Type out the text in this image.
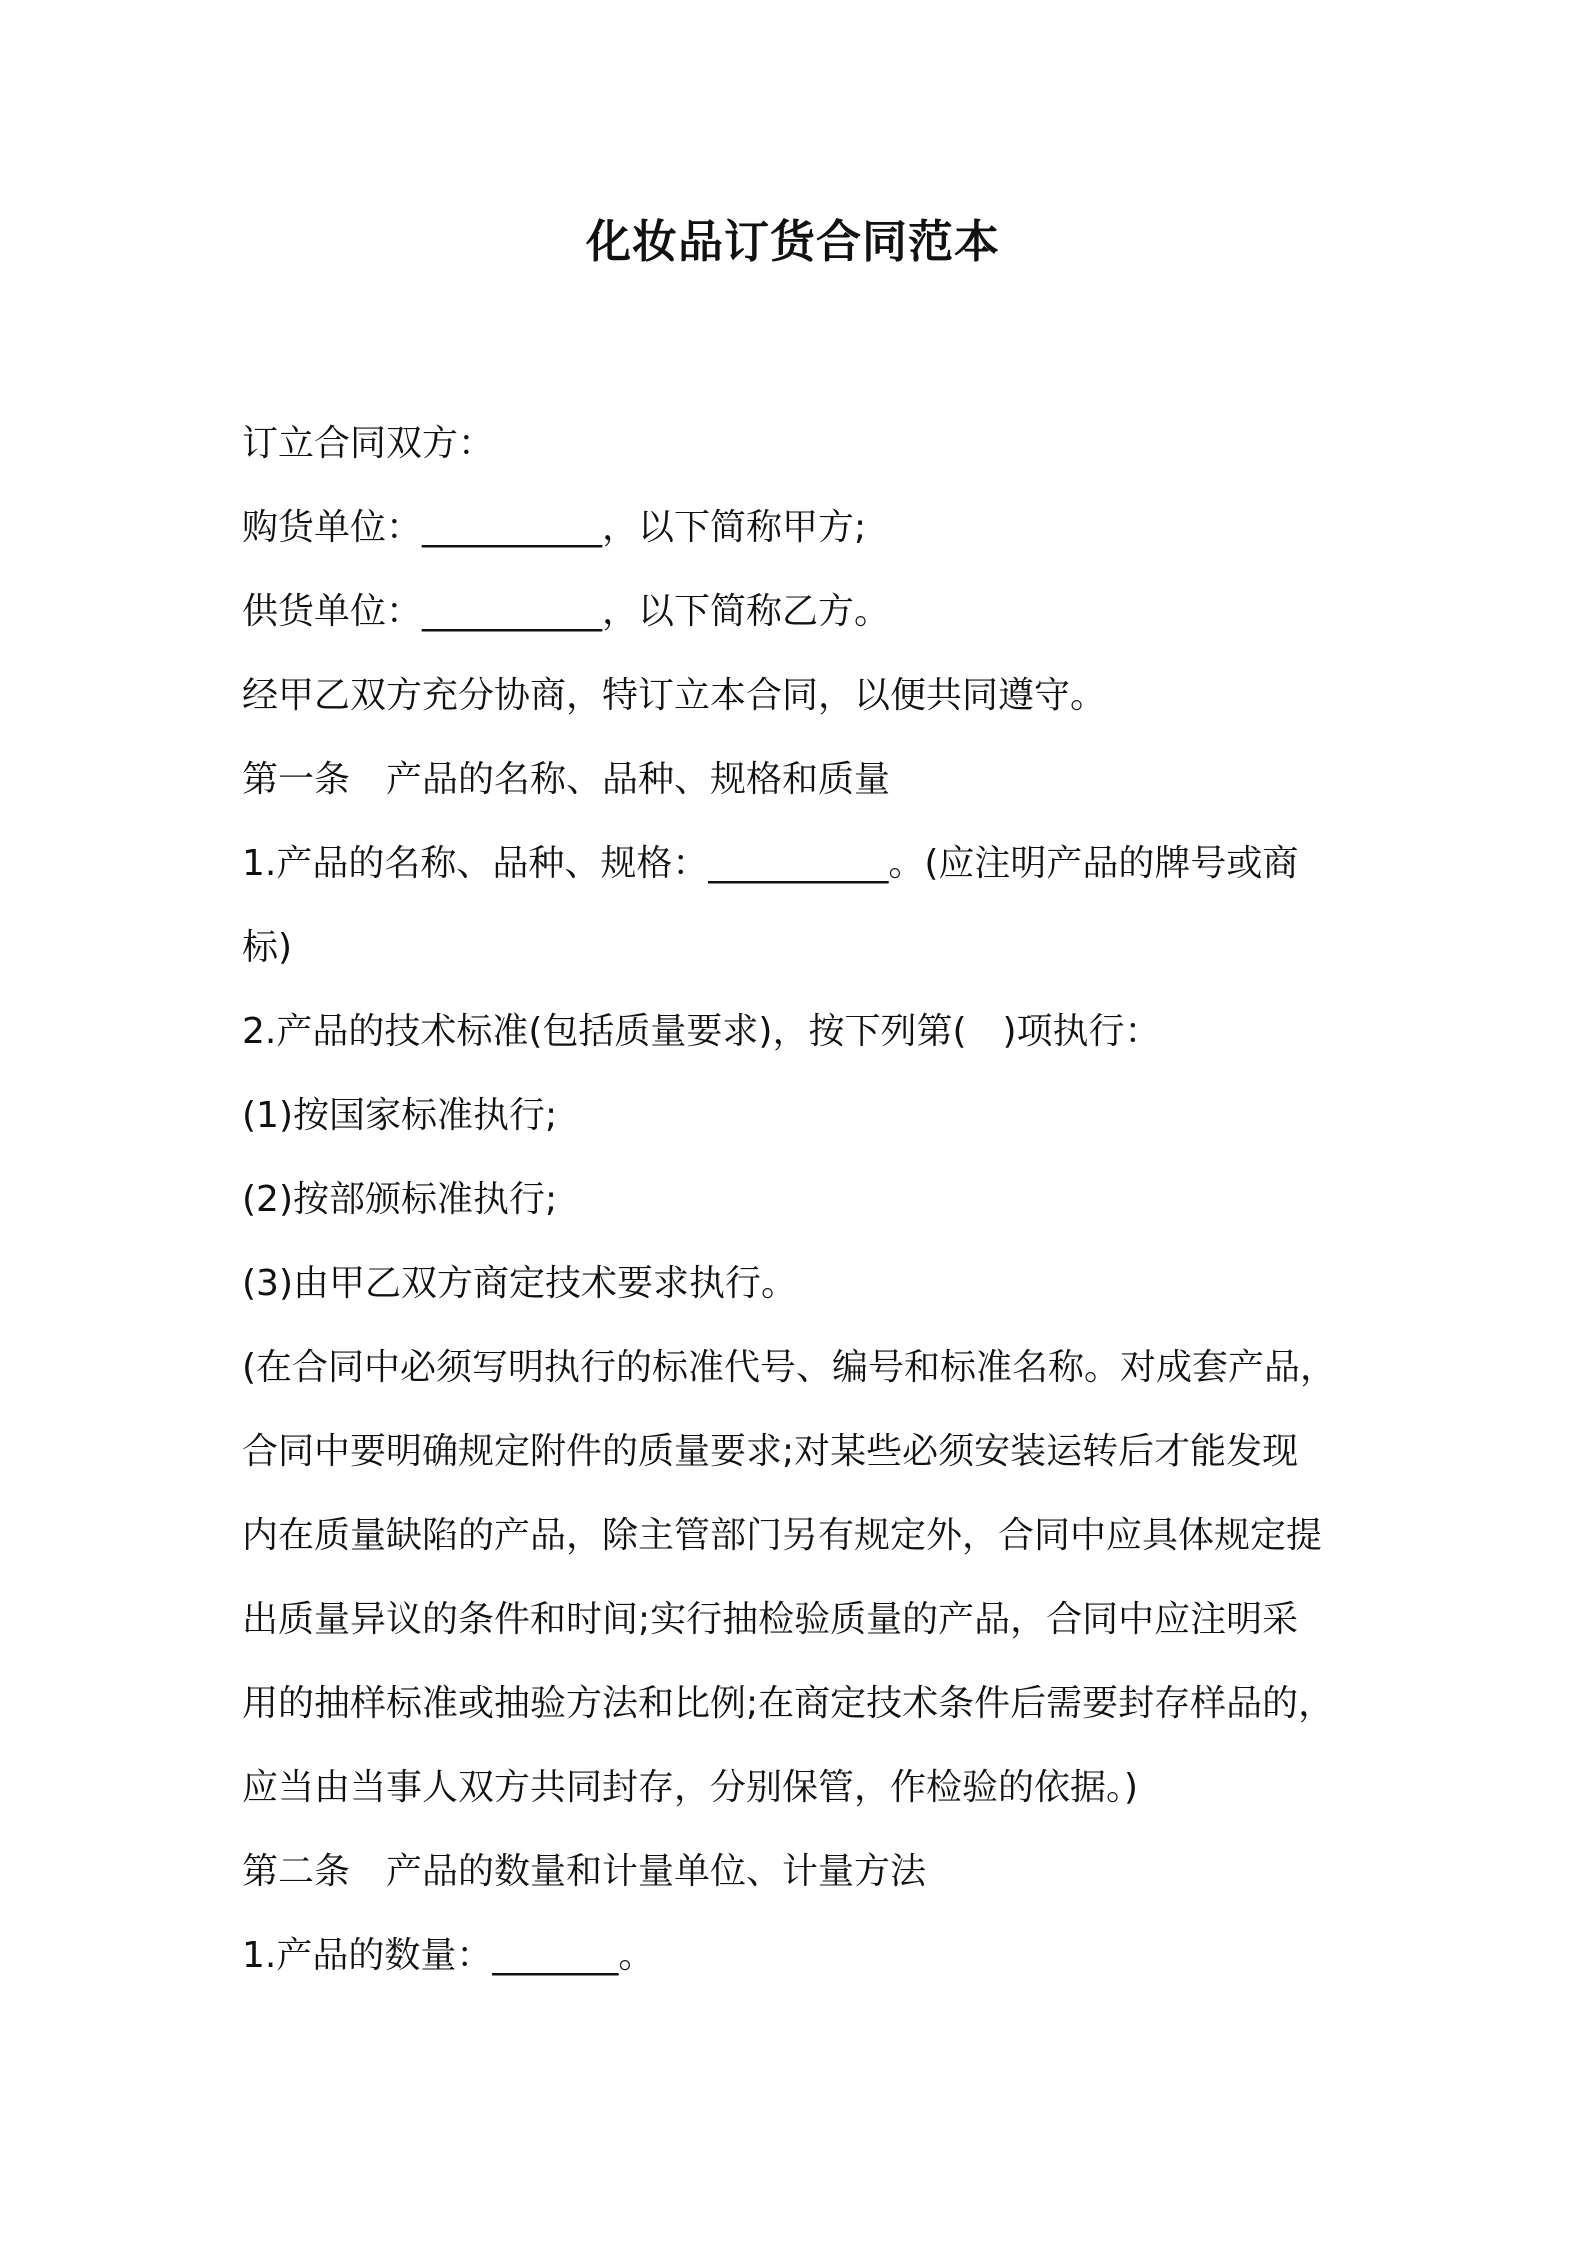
化妆品订货合同范本
订立合同双方：
购货单位：__________，以下简称甲方;
供货单位：__________，以下简称乙方。
经甲乙双方充分协商，特订立本合同，以便共同遵守。
第一条　产品的名称、品种、规格和质量
1.产品的名称、品种、规格：__________。(应注明产品的牌号或商
标)
2.产品的技术标准(包括质量要求)，按下列第(　)项执行：
(1)按国家标准执行;
(2)按部颁标准执行;
(3)由甲乙双方商定技术要求执行。
(在合同中必须写明执行的标准代号、编号和标准名称。对成套产品，
合同中要明确规定附件的质量要求;对某些必须安装运转后才能发现
内在质量缺陷的产品，除主管部门另有规定外，合同中应具体规定提
出质量异议的条件和时间;实行抽检验质量的产品，合同中应注明采
用的抽样标准或抽验方法和比例;在商定技术条件后需要封存样品的，
应当由当事人双方共同封存，分别保管，作检验的依据。)
第二条　产品的数量和计量单位、计量方法
1.产品的数量：_______。
